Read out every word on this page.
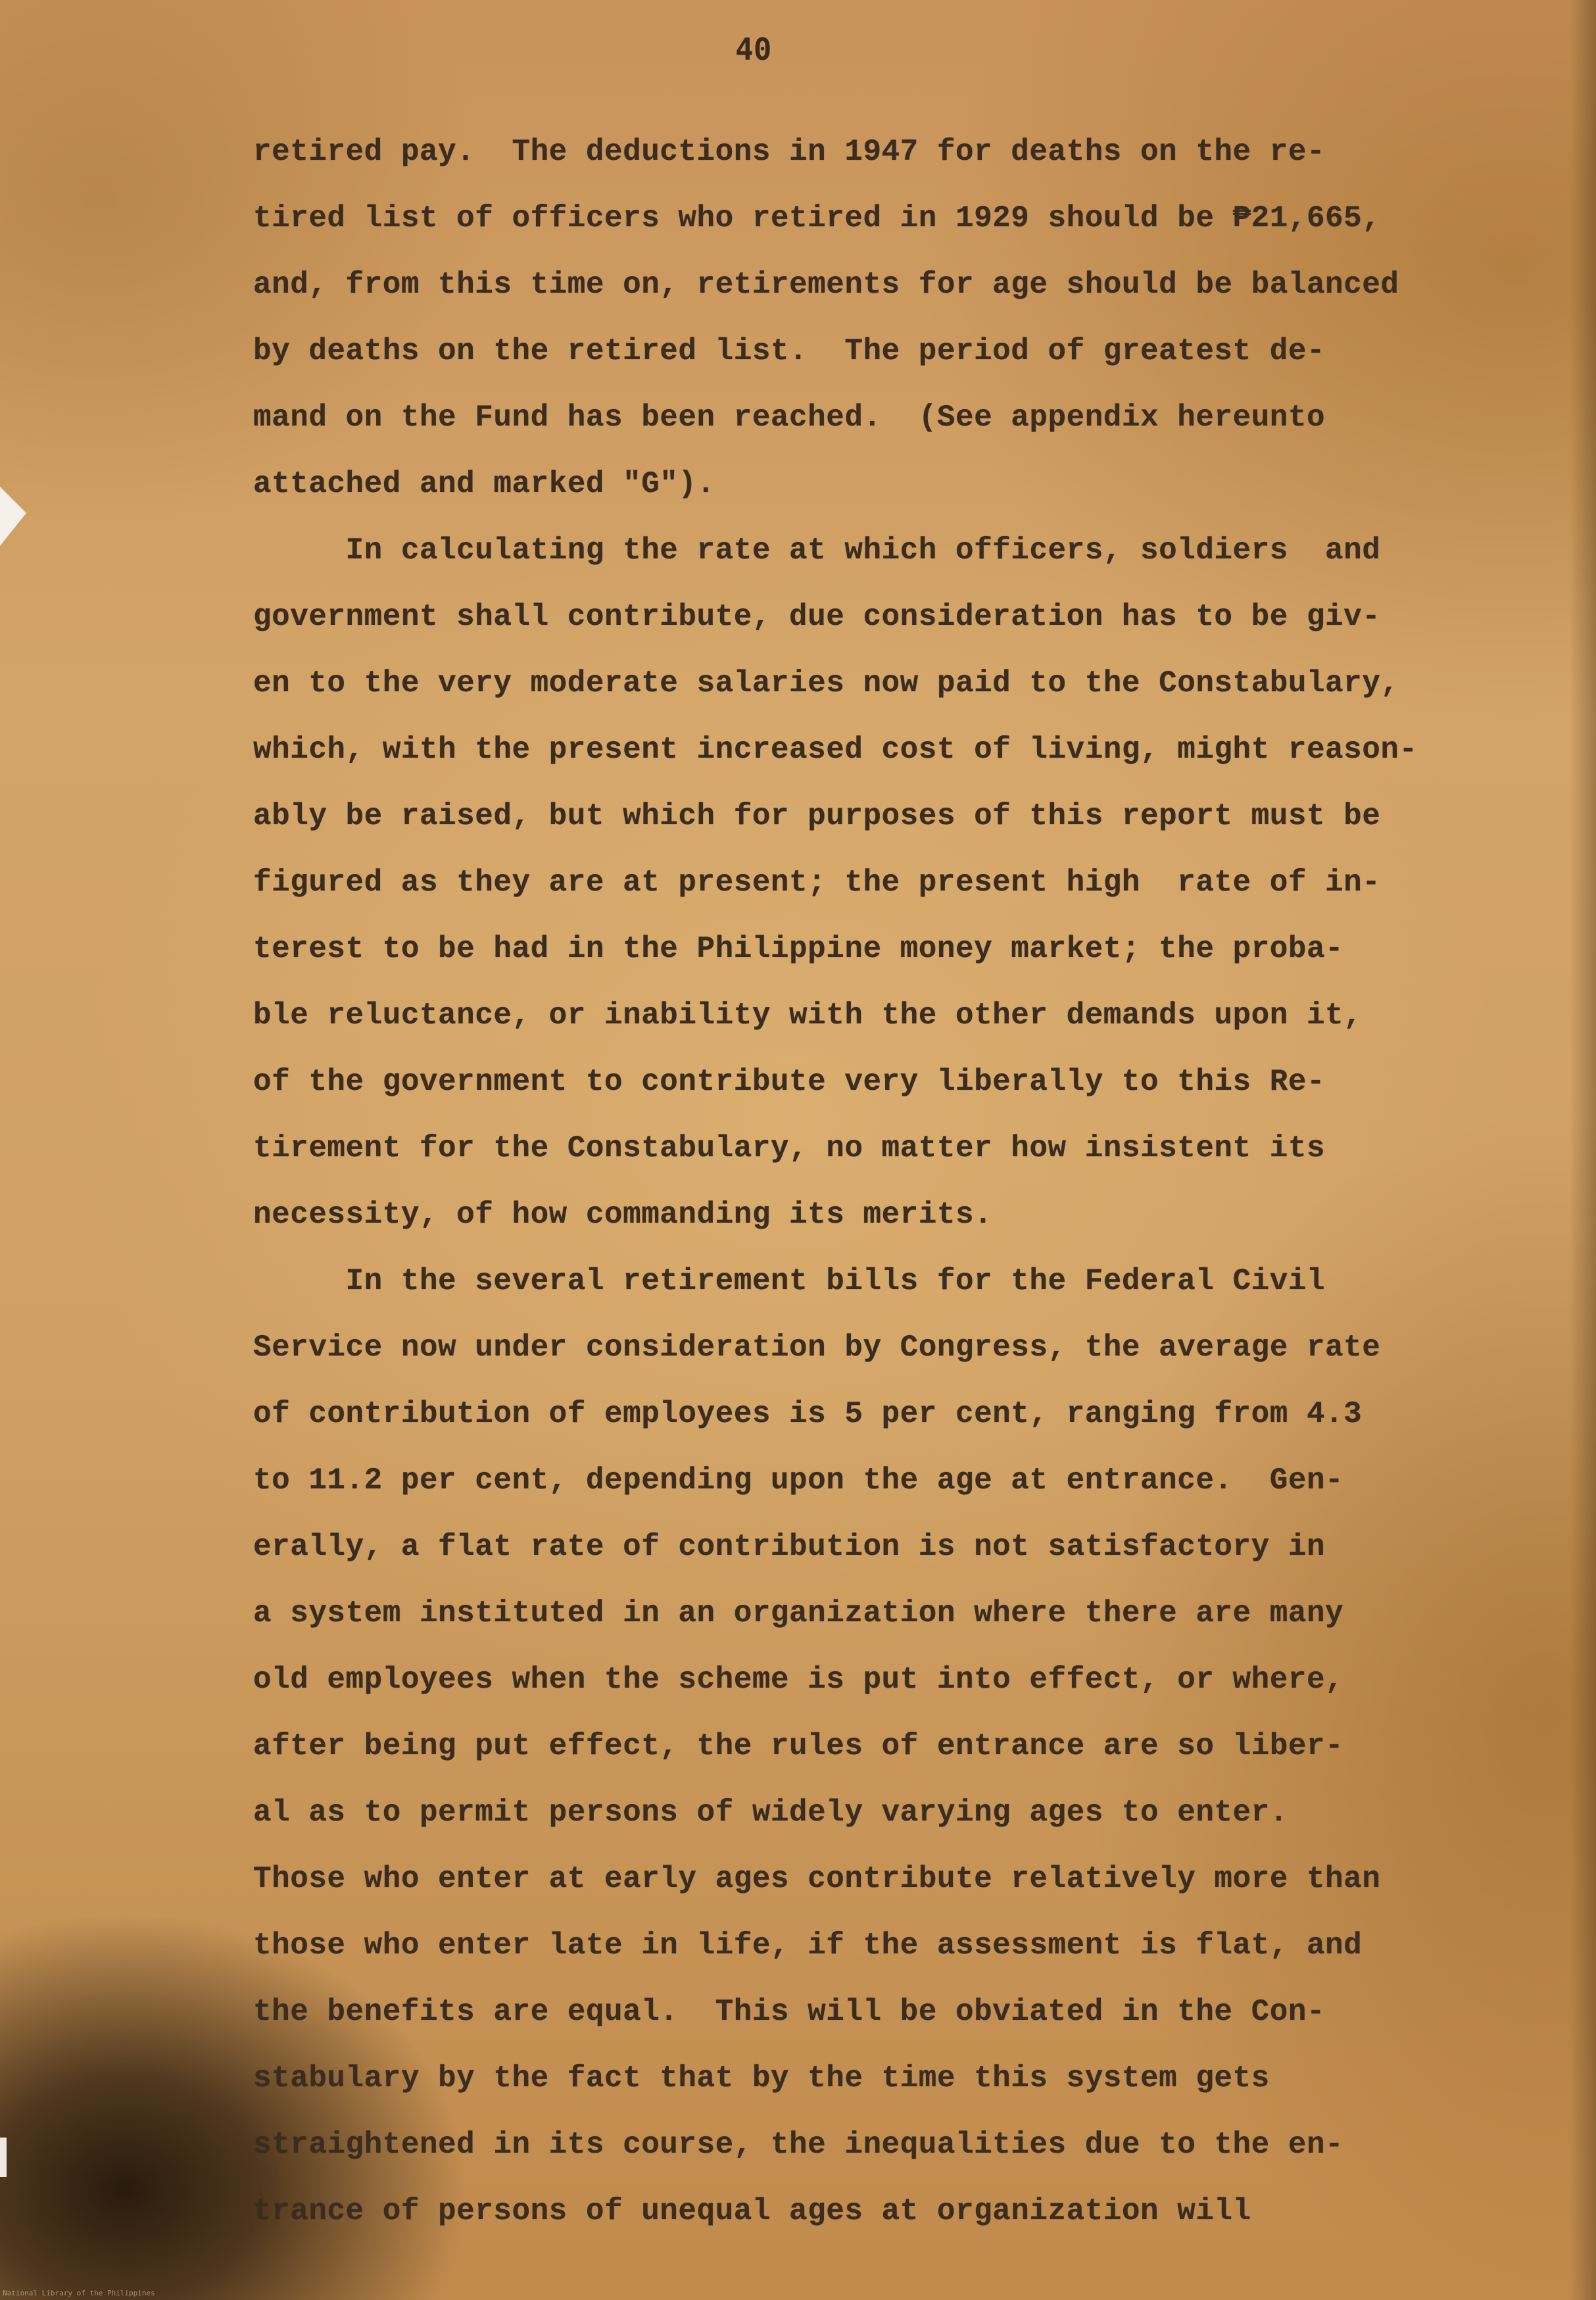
40
retired pay.  The deductions in 1947 for deaths on the re-
tired list of officers who retired in 1929 should be ₱21,665,
and, from this time on, retirements for age should be balanced
by deaths on the retired list.  The period of greatest de-
mand on the Fund has been reached.  (See appendix hereunto
attached and marked "G").
In calculating the rate at which officers, soldiers  and
government shall contribute, due consideration has to be giv-
en to the very moderate salaries now paid to the Constabulary,
which, with the present increased cost of living, might reason-
ably be raised, but which for purposes of this report must be
figured as they are at present; the present high  rate of in-
terest to be had in the Philippine money market; the proba-
ble reluctance, or inability with the other demands upon it,
of the government to contribute very liberally to this Re-
tirement for the Constabulary, no matter how insistent its
necessity, of how commanding its merits.
In the several retirement bills for the Federal Civil
Service now under consideration by Congress, the average rate
of contribution of employees is 5 per cent, ranging from 4.3
to 11.2 per cent, depending upon the age at entrance.  Gen-
erally, a flat rate of contribution is not satisfactory in
a system instituted in an organization where there are many
old employees when the scheme is put into effect, or where,
after being put effect, the rules of entrance are so liber-
al as to permit persons of widely varying ages to enter.
Those who enter at early ages contribute relatively more than
those who enter late in life, if the assessment is flat, and
the benefits are equal.  This will be obviated in the Con-
stabulary by the fact that by the time this system gets
straightened in its course, the inequalities due to the en-
trance of persons of unequal ages at organization will
National Library of the Philippines
